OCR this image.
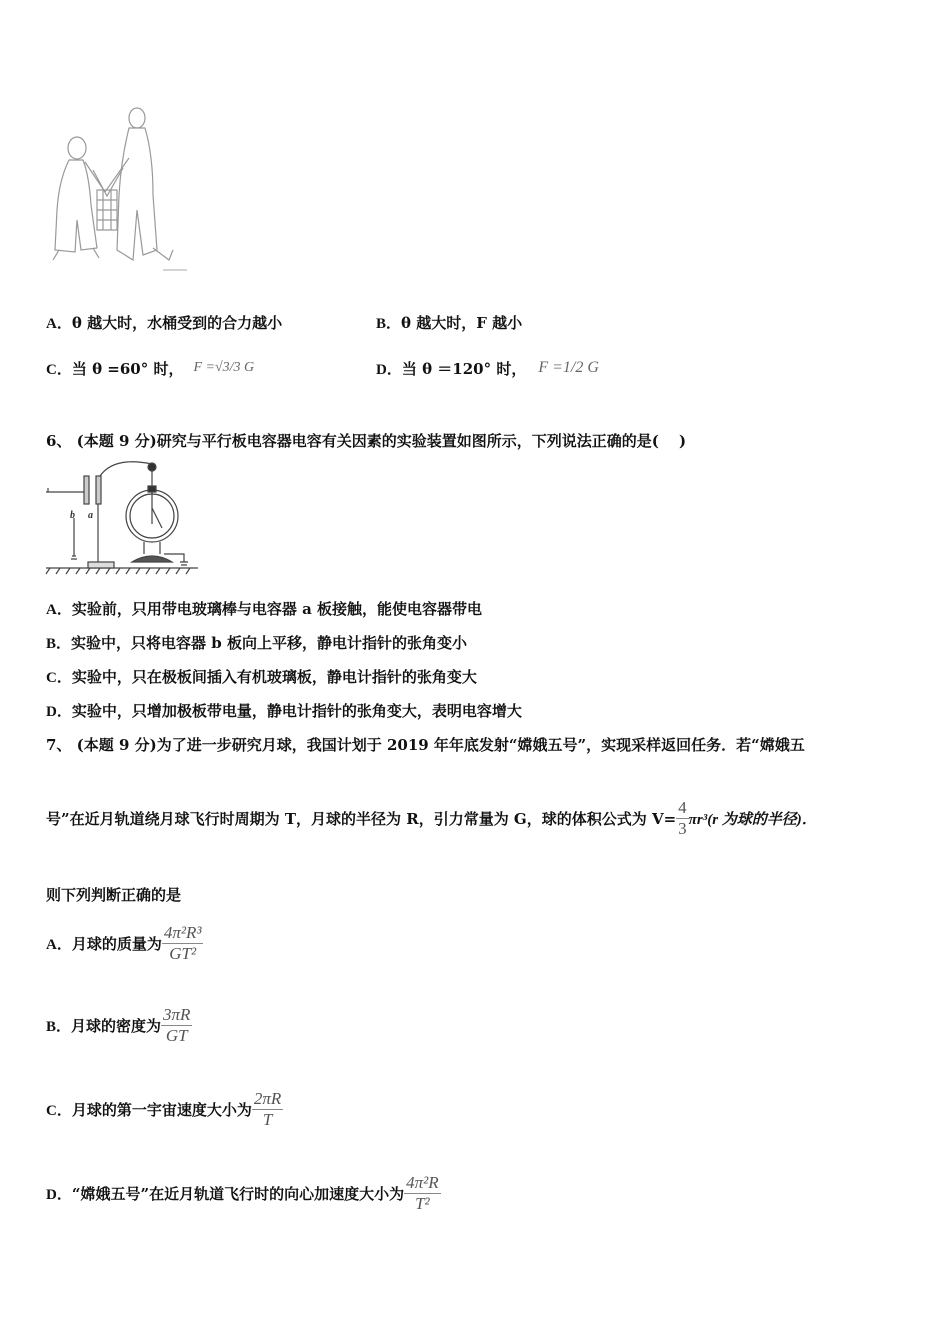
A．θ 越大时，水桶受到的合力越小	B．θ 越大时，F 越小
C． 当 θ =60° 时， F =√3/3 G	D． 当 θ ＝120° 时， F =1/2 G
6、 (本题 9 分)研究与平行板电容器电容有关因素的实验装置如图所示，下列说法正确的是(　 )
b a
A．实验前，只用带电玻璃棒与电容器 a 板接触，能使电容器带电
B．实验中，只将电容器 b 板向上平移，静电计指针的张角变小
C．实验中，只在极板间插入有机玻璃板，静电计指针的张角变大
D．实验中，只增加极板带电量，静电计指针的张角变大，表明电容增大
7、 (本题 9 分)为了进一步研究月球，我国计划于 2019 年年底发射“嫦娥五号”，实现采样返回任务．若“嫦娥五
号”在近月轨道绕月球飞行时周期为 T，月球的半径为 R，引力常量为 G，球的体积公式为 $V= \frac{4}{3} \pi r^3(r$ 为球的半径)．
则下列判断正确的是
A． 月球的质量为 $\frac{\text{4π²R³}}{\text{GT²}}$
B． 月球的密度为 $\frac{3\pi R}{GT}$
C． 月球的第一宇宙速度大小为 $\frac{2\pi R}{T}$
D． “嫦娥五号”在近月轨道飞行时的向心加速度大小为 $\frac{\text{4π²R}}{\text{T²}}$
